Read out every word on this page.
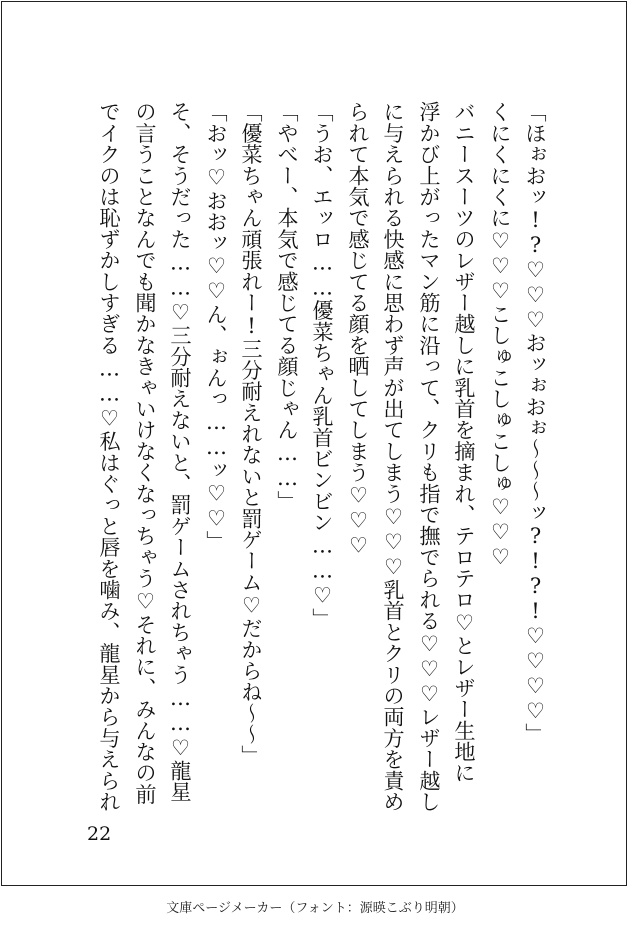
「ほぉおッ!?♡♡♡おッぉおぉ〜〜〜ッ?!?!♡♡♡♡」
くにくにくに♡♡♡こしゅこしゅこしゅ♡♡♡
バニースーツのレザー越しに乳首を摘まれ、テロテロ♡とレザー生地に
浮かび上がったマン筋に沿って、クリも指で撫でられる♡♡♡レザー越し
に与えられる快感に思わず声が出てしまう♡♡♡乳首とクリの両方を責め
られて本気で感じてる顔を晒してしまう♡♡♡
「うお、エッロ……優菜ちゃん乳首ビンビン……♡」
「やべー、本気で感じてる顔じゃん……」
「優菜ちゃん頑張れー!三分耐えれないと罰ゲーム♡だからね〜〜」
「おッ♡おおッ♡♡ん、ぉんっ……ッ♡♡」
そ、そうだった……♡三分耐えないと、罰ゲームされちゃう……♡龍星
の言うことなんでも聞かなきゃいけなくなっちゃう♡それに、みんなの前
でイクのは恥ずかしすぎる……♡私はぐっと唇を噛み、龍星から与えられ
22
文庫ページメーカー（フォント：源暎こぶり明朝）
